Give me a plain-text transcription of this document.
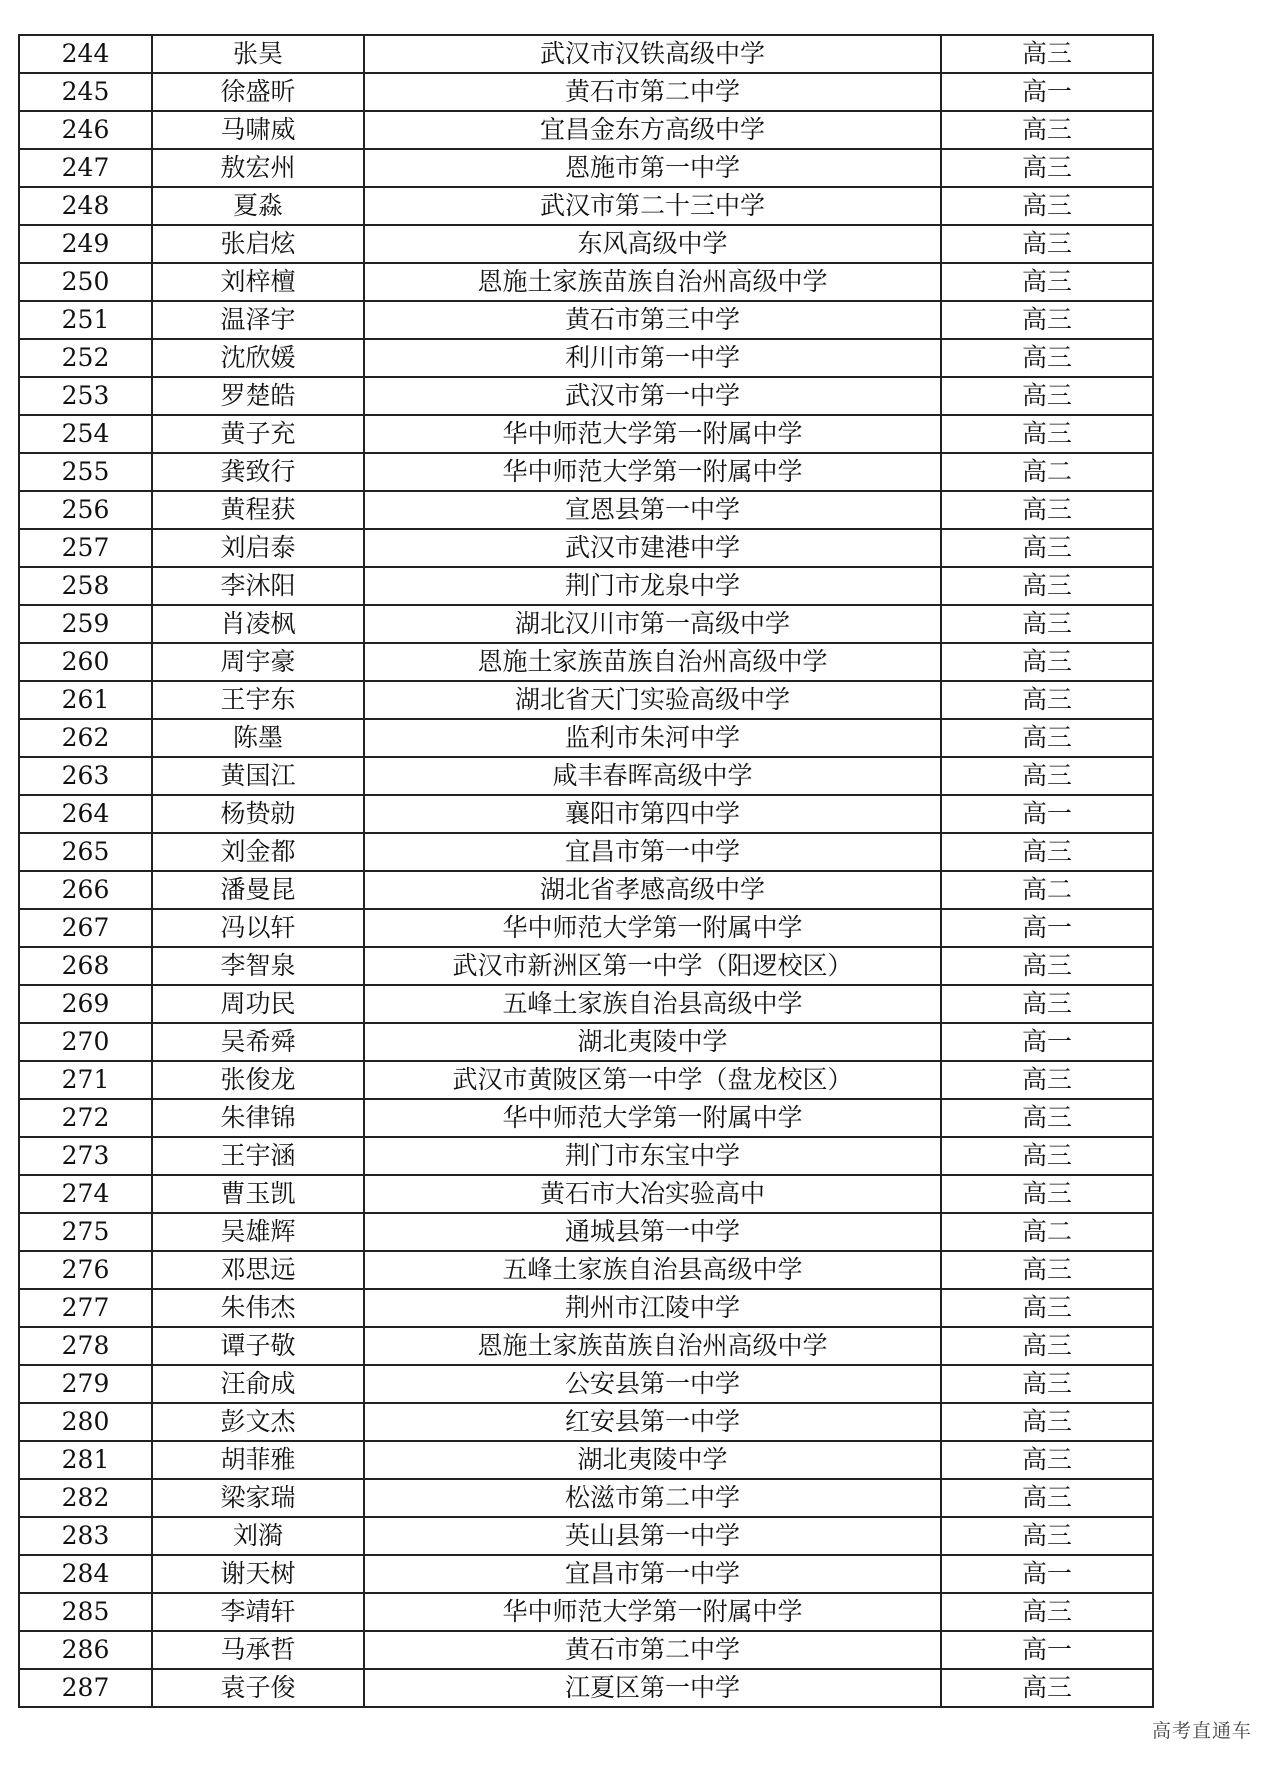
244	张昊	武汉市汉铁高级中学	高三
245	徐盛昕	黄石市第二中学	高一
246	马啸威	宜昌金东方高级中学	高三
247	敖宏州	恩施市第一中学	高三
248	夏淼	武汉市第二十三中学	高三
249	张启炫	东风高级中学	高三
250	刘梓檀	恩施土家族苗族自治州高级中学	高三
251	温泽宇	黄石市第三中学	高三
252	沈欣媛	利川市第一中学	高三
253	罗楚皓	武汉市第一中学	高三
254	黄子充	华中师范大学第一附属中学	高三
255	龚致行	华中师范大学第一附属中学	高二
256	黄程获	宣恩县第一中学	高三
257	刘启泰	武汉市建港中学	高三
258	李沐阳	荆门市龙泉中学	高三
259	肖凌枫	湖北汉川市第一高级中学	高三
260	周宇豪	恩施土家族苗族自治州高级中学	高三
261	王宇东	湖北省天门实验高级中学	高三
262	陈墨	监利市朱河中学	高三
263	黄国江	咸丰春晖高级中学	高三
264	杨贽勍	襄阳市第四中学	高一
265	刘金都	宜昌市第一中学	高三
266	潘曼昆	湖北省孝感高级中学	高二
267	冯以轩	华中师范大学第一附属中学	高一
268	李智泉	武汉市新洲区第一中学（阳逻校区）	高三
269	周功民	五峰土家族自治县高级中学	高三
270	吴希舜	湖北夷陵中学	高一
271	张俊龙	武汉市黄陂区第一中学（盘龙校区）	高三
272	朱律锦	华中师范大学第一附属中学	高三
273	王宇涵	荆门市东宝中学	高三
274	曹玉凯	黄石市大冶实验高中	高三
275	吴雄辉	通城县第一中学	高二
276	邓思远	五峰土家族自治县高级中学	高三
277	朱伟杰	荆州市江陵中学	高三
278	谭子敬	恩施土家族苗族自治州高级中学	高三
279	汪俞成	公安县第一中学	高三
280	彭文杰	红安县第一中学	高三
281	胡菲雅	湖北夷陵中学	高三
282	梁家瑞	松滋市第二中学	高三
283	刘漪	英山县第一中学	高三
284	谢天树	宜昌市第一中学	高一
285	李靖轩	华中师范大学第一附属中学	高三
286	马承哲	黄石市第二中学	高一
287	袁子俊	江夏区第一中学	高三
高考直通车
